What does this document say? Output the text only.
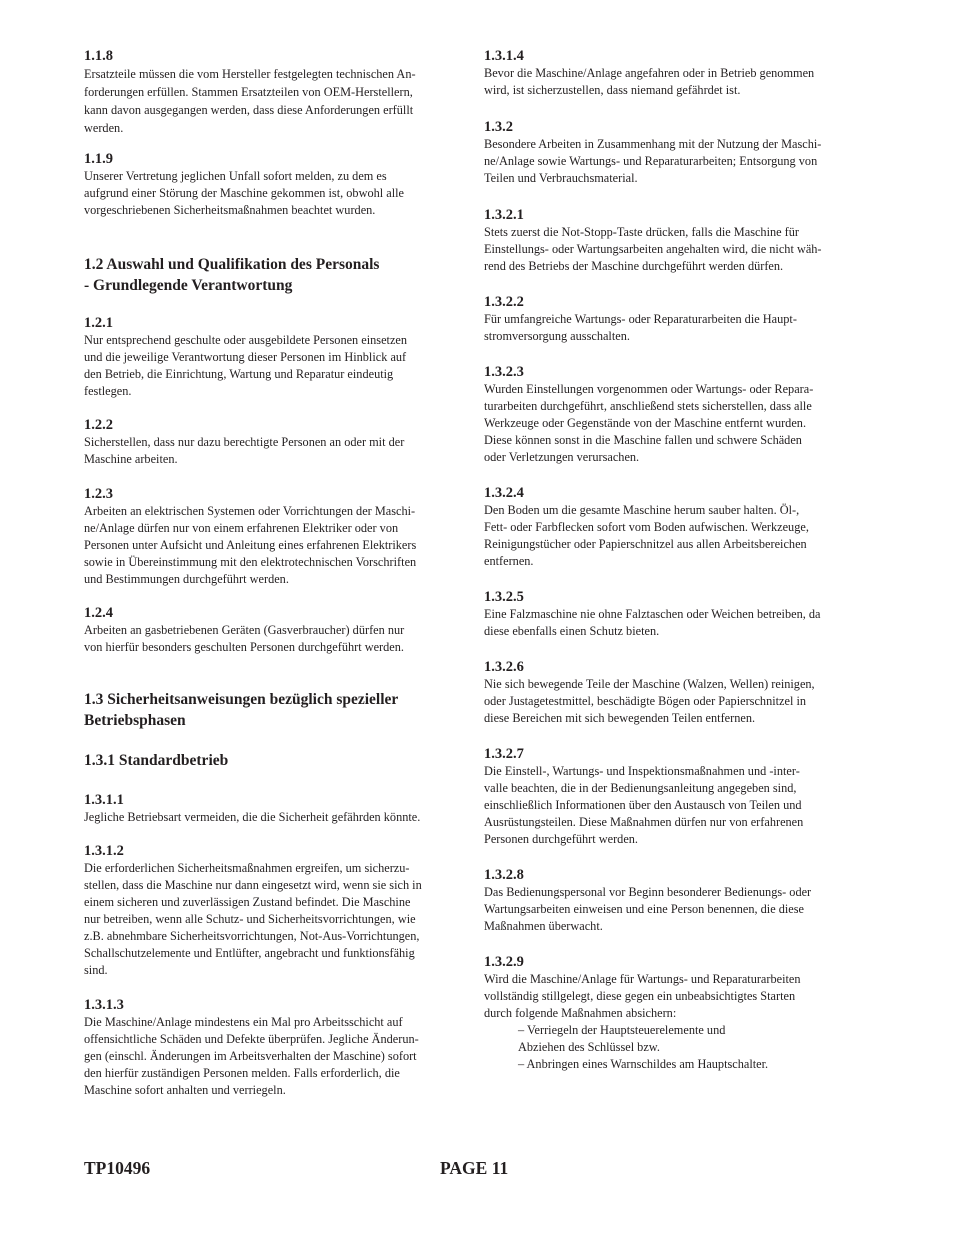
1.1.8

Ersatzteile müssen die vom Hersteller festgelegten technischen An-
forderungen erfüllen. Stammen Ersatzteilen von OEM-Herstellern,
kann davon ausgegangen werden, dass diese Anforderungen erfüllt
werden.

1.1.9

Unserer Vertretung jeglichen Unfall sofort melden, zu dem es
aufgrund einer Störung der Maschine gekommen ist, obwohl alle
vorgeschriebenen Sicherheitsmaßnahmen beachtet wurden.

1.2 Auswahl und Qualifikation des Personals
- Grundlegende Verantwortung
1.2.1

Nur entsprechend geschulte oder ausgebildete Personen einsetzen
und die jeweilige Verantwortung dieser Personen im Hinblick auf
den Betrieb, die Einrichtung, Wartung und Reparatur eindeutig
festlegen.

1.2.2

Sicherstellen, dass nur dazu berechtigte Personen an oder mit der
Maschine arbeiten.

1.2.3

Arbeiten an elektrischen Systemen oder Vorrichtungen der Maschi-
ne/Anlage dürfen nur von einem erfahrenen Elektriker oder von
Personen unter Aufsicht und Anleitung eines erfahrenen Elektrikers
sowie in Übereinstimmung mit den elektrotechnischen Vorschriften
und Bestimmungen durchgeführt werden.

1.2.4

Arbeiten an gasbetriebenen Geräten (Gasverbraucher) dürfen nur
von hierfür besonders geschulten Personen durchgeführt werden.

1.3 Sicherheitsanweisungen bezüglich spezieller
Betriebsphasen
1.3.1 Standardbetrieb
1.3.1.1

Jegliche Betriebsart vermeiden, die die Sicherheit gefährden könnte.

1.3.1.2

Die erforderlichen Sicherheitsmaßnahmen ergreifen, um sicherzu-
stellen, dass die Maschine nur dann eingesetzt wird, wenn sie sich in
einem sicheren und zuverlässigen Zustand befindet. Die Maschine
nur betreiben, wenn alle Schutz- und Sicherheitsvorrichtungen, wie
z.B. abnehmbare Sicherheitsvorrichtungen, Not-Aus-Vorrichtungen,
Schallschutzelemente und Entlüfter, angebracht und funktionsfähig
sind.

1.3.1.3

Die Maschine/Anlage mindestens ein Mal pro Arbeitsschicht auf
offensichtliche Schäden und Defekte überprüfen. Jegliche Änderun-
gen (einschl. Änderungen im Arbeitsverhalten der Maschine) sofort
den hierfür zuständigen Personen melden. Falls erforderlich, die
Maschine sofort anhalten und verriegeln.

1.3.1.4

Bevor die Maschine/Anlage angefahren oder in Betrieb genommen
wird, ist sicherzustellen, dass niemand gefährdet ist.

1.3.2

Besondere Arbeiten in Zusammenhang mit der Nutzung der Maschi-
ne/Anlage sowie Wartungs- und Reparaturarbeiten; Entsorgung von
Teilen und Verbrauchsmaterial.

1.3.2.1

Stets zuerst die Not-Stopp-Taste drücken, falls die Maschine für
Einstellungs- oder Wartungsarbeiten angehalten wird, die nicht wäh-
rend des Betriebs der Maschine durchgeführt werden dürfen.

1.3.2.2

Für umfangreiche Wartungs- oder Reparaturarbeiten die Haupt-
stromversorgung ausschalten.

1.3.2.3

Wurden Einstellungen vorgenommen oder Wartungs- oder Repara-
turarbeiten durchgeführt, anschließend stets sicherstellen, dass alle
Werkzeuge oder Gegenstände von der Maschine entfernt wurden.
Diese können sonst in die Maschine fallen und schwere Schäden
oder Verletzungen verursachen.

1.3.2.4

Den Boden um die gesamte Maschine herum sauber halten. Öl-,
Fett- oder Farbflecken sofort vom Boden aufwischen. Werkzeuge,
Reinigungstücher oder Papierschnitzel aus allen Arbeitsbereichen
entfernen.

1.3.2.5

Eine Falzmaschine nie ohne Falztaschen oder Weichen betreiben, da
diese ebenfalls einen Schutz bieten.

1.3.2.6

Nie sich bewegende Teile der Maschine (Walzen, Wellen) reinigen,
oder Justagetestmittel, beschädigte Bögen oder Papierschnitzel in
diese Bereichen mit sich bewegenden Teilen entfernen.

1.3.2.7

Die Einstell-, Wartungs- und Inspektionsmaßnahmen und -inter-
valle beachten, die in der Bedienungsanleitung angegeben sind,
einschließlich Informationen über den Austausch von Teilen und
Ausrüstungsteilen. Diese Maßnahmen dürfen nur von erfahrenen
Personen durchgeführt werden.

1.3.2.8

Das Bedienungspersonal vor Beginn besonderer Bedienungs- oder
Wartungsarbeiten einweisen und eine Person benennen, die diese
Maßnahmen überwacht.

1.3.2.9

Wird die Maschine/Anlage für Wartungs- und Reparaturarbeiten
vollständig stillgelegt, diese gegen ein unbeabsichtigtes Starten
durch folgende Maßnahmen absichern:

– Verriegeln der Hauptsteuerelemente und
Abziehen des Schlüssel bzw.
– Anbringen eines Warnschildes am Hauptschalter.
TP10496	PAGE 11
